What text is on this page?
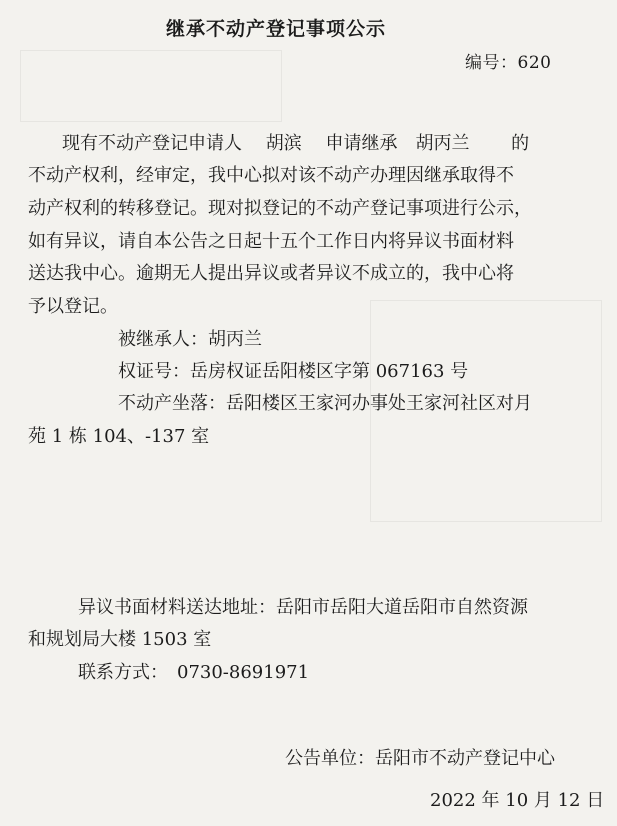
继承不动产登记事项公示
编号：620
现有不动产登记申请人　 胡滨　 申请继承　胡丙兰　　 的
不动产权利，经审定，我中心拟对该不动产办理因继承取得不
动产权利的转移登记。现对拟登记的不动产登记事项进行公示，
如有异议，请自本公告之日起十五个工作日内将异议书面材料
送达我中心。逾期无人提出异议或者异议不成立的，我中心将
予以登记。
被继承人：胡丙兰
权证号：岳房权证岳阳楼区字第 067163 号
不动产坐落：岳阳楼区王家河办事处王家河社区对月
苑 1 栋 104、-137 室
异议书面材料送达地址：岳阳市岳阳大道岳阳市自然资源
和规划局大楼 1503 室
联系方式：　0730-8691971
公告单位：岳阳市不动产登记中心
2022 年 10 月 12 日
